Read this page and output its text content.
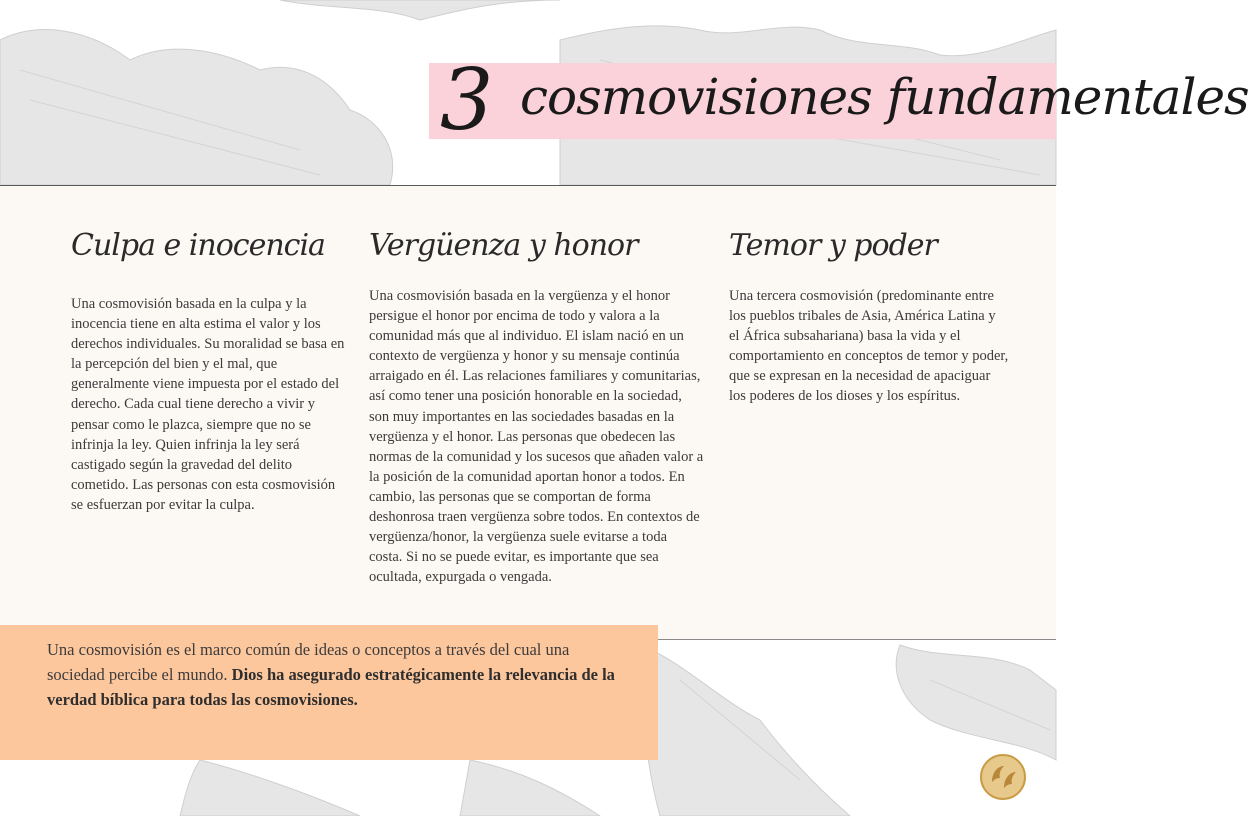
3 cosmovisiones fundamentales
Culpa e inocencia

Una cosmovisión basada en la culpa y la inocencia tiene en alta estima el valor y los derechos individuales. Su moralidad se basa en la percepción del bien y el mal, que generalmente viene impuesta por el estado del derecho. Cada cual tiene derecho a vivir y pensar como le plazca, siempre que no se infrinja la ley. Quien infrinja la ley será castigado según la gravedad del delito cometido. Las personas con esta cosmovisión se esfuerzan por evitar la culpa.

Vergüenza y honor

Una cosmovisión basada en la vergüenza y el honor persigue el honor por encima de todo y valora a la comunidad más que al individuo. El islam nació en un contexto de vergüenza y honor y su mensaje continúa arraigado en él. Las relaciones familiares y comunitarias, así como tener una posición honorable en la sociedad, son muy importantes en las sociedades basadas en la vergüenza y el honor. Las personas que obedecen las normas de la comunidad y los sucesos que añaden valor a la posición de la comunidad aportan honor a todos. En cambio, las personas que se comportan de forma deshonrosa traen vergüenza sobre todos. En contextos de vergüenza/honor, la vergüenza suele evitarse a toda costa. Si no se puede evitar, es importante que sea ocultada, expurgada o vengada.

Temor y poder

Una tercera cosmovisión (predominante entre los pueblos tribales de Asia, América Latina y el África subsahariana) basa la vida y el comportamiento en conceptos de temor y poder, que se expresan en la necesidad de apaciguar los poderes de los dioses y los espíritus.

Una cosmovisión es el marco común de ideas o conceptos a través del cual una sociedad percibe el mundo. Dios ha asegurado estratégicamente la relevancia de la verdad bíblica para todas las cosmovisiones.
